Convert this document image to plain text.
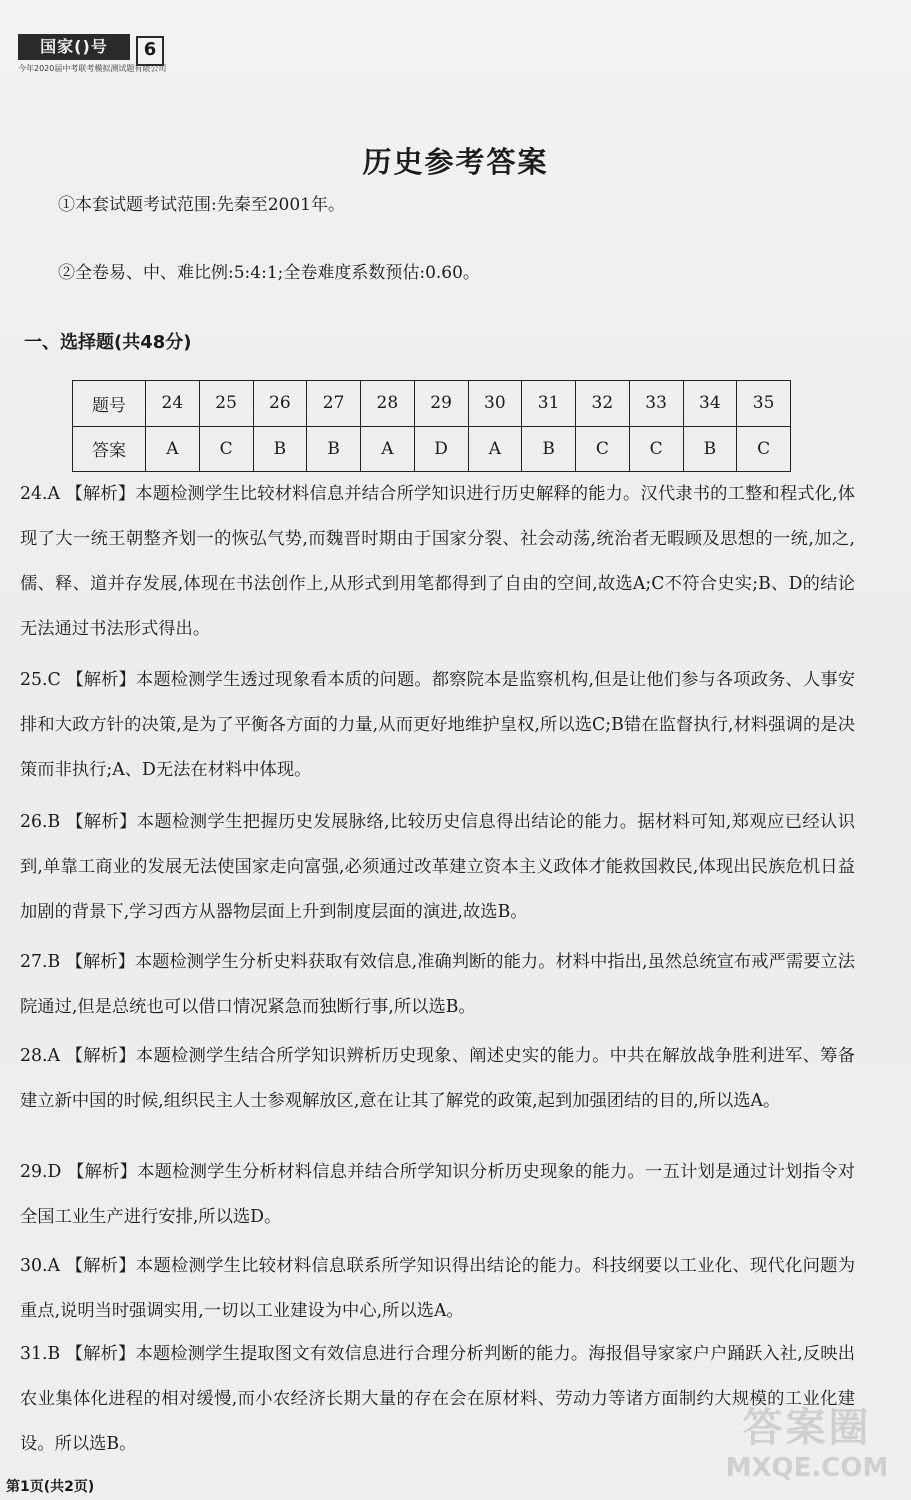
国家()号	6
今年2020届中考联考模拟测试题有限公司
历史参考答案
①本套试题考试范围:先秦至2001年。
②全卷易、中、难比例:5:4:1;全卷难度系数预估:0.60。
一、选择题(共48分)
题号	24	25	26	27	28	29	30	31	32	33	34	35
答案	A	C	B	B	A	D	A	B	C	C	B	C
24.A 【解析】本题检测学生比较材料信息并结合所学知识进行历史解释的能力。汉代隶书的工整和程式化,体现了大一统王朝整齐划一的恢弘气势,而魏晋时期由于国家分裂、社会动荡,统治者无暇顾及思想的一统,加之,儒、释、道并存发展,体现在书法创作上,从形式到用笔都得到了自由的空间,故选A;C不符合史实;B、D的结论无法通过书法形式得出。
25.C 【解析】本题检测学生透过现象看本质的问题。都察院本是监察机构,但是让他们参与各项政务、人事安排和大政方针的决策,是为了平衡各方面的力量,从而更好地维护皇权,所以选C;B错在监督执行,材料强调的是决策而非执行;A、D无法在材料中体现。
26.B 【解析】本题检测学生把握历史发展脉络,比较历史信息得出结论的能力。据材料可知,郑观应已经认识到,单靠工商业的发展无法使国家走向富强,必须通过改革建立资本主义政体才能救国救民,体现出民族危机日益加剧的背景下,学习西方从器物层面上升到制度层面的演进,故选B。
27.B 【解析】本题检测学生分析史料获取有效信息,准确判断的能力。材料中指出,虽然总统宣布戒严需要立法院通过,但是总统也可以借口情况紧急而独断行事,所以选B。
28.A 【解析】本题检测学生结合所学知识辨析历史现象、阐述史实的能力。中共在解放战争胜利进军、筹备建立新中国的时候,组织民主人士参观解放区,意在让其了解党的政策,起到加强团结的目的,所以选A。
29.D 【解析】本题检测学生分析材料信息并结合所学知识分析历史现象的能力。一五计划是通过计划指令对全国工业生产进行安排,所以选D。
30.A 【解析】本题检测学生比较材料信息联系所学知识得出结论的能力。科技纲要以工业化、现代化问题为重点,说明当时强调实用,一切以工业建设为中心,所以选A。
31.B 【解析】本题检测学生提取图文有效信息进行合理分析判断的能力。海报倡导家家户户踊跃入社,反映出农业集体化进程的相对缓慢,而小农经济长期大量的存在会在原材料、劳动力等诸方面制约大规模的工业化建设。所以选B。	答案圈
MXQE.COM
第1页(共2页)
